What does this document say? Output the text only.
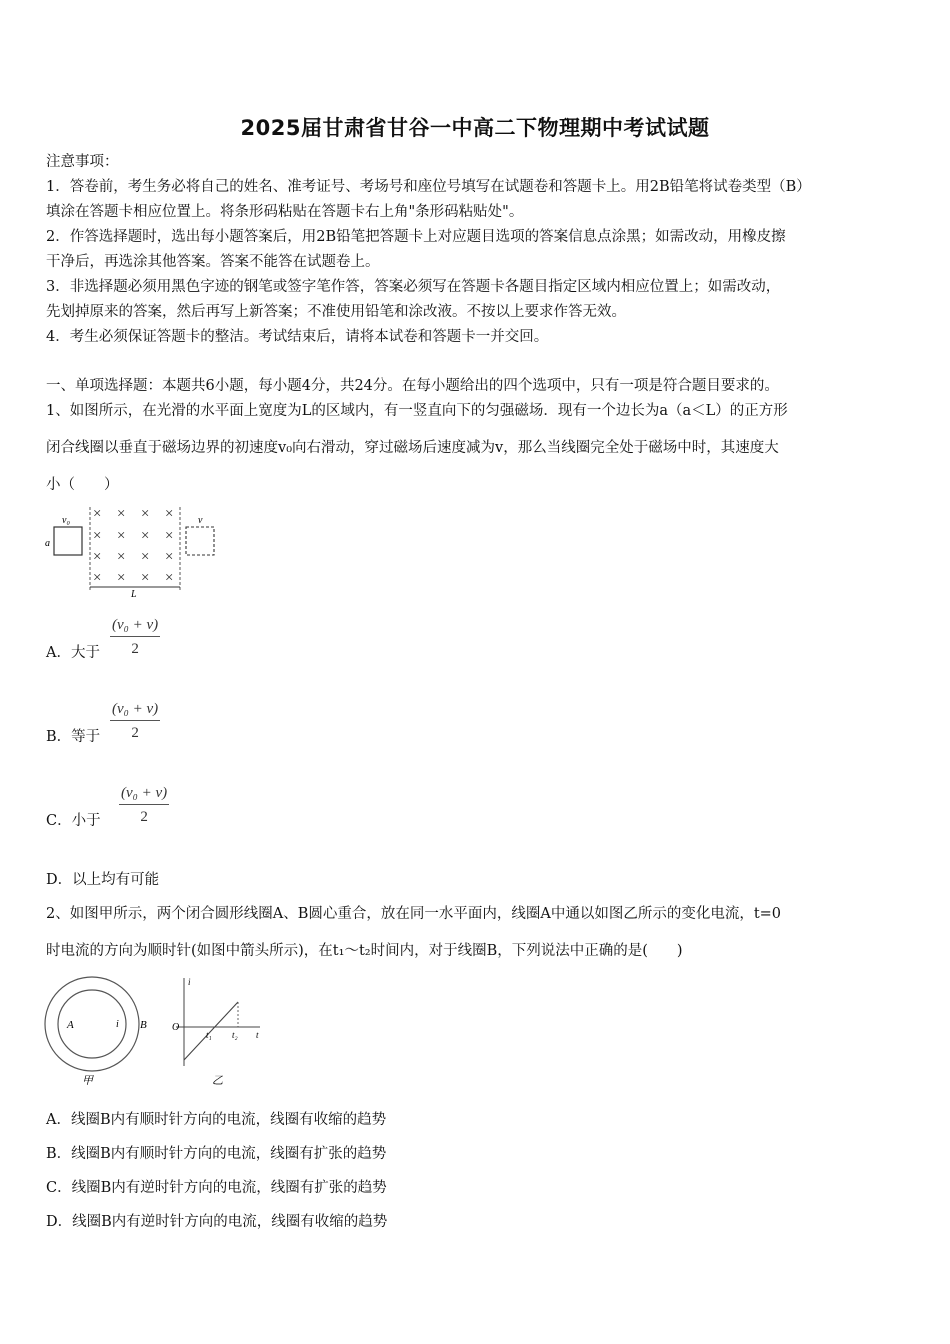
2025届甘肃省甘谷一中高二下物理期中考试试题
注意事项：
1．答卷前，考生务必将自己的姓名、准考证号、考场号和座位号填写在试题卷和答题卡上。用2B铅笔将试卷类型（B）
填涂在答题卡相应位置上。将条形码粘贴在答题卡右上角"条形码粘贴处"。
2．作答选择题时，选出每小题答案后，用2B铅笔把答题卡上对应题目选项的答案信息点涂黑；如需改动，用橡皮擦
干净后，再选涂其他答案。答案不能答在试题卷上。
3．非选择题必须用黑色字迹的钢笔或签字笔作答，答案必须写在答题卡各题目指定区域内相应位置上；如需改动，
先划掉原来的答案，然后再写上新答案；不准使用铅笔和涂改液。不按以上要求作答无效。
4．考生必须保证答题卡的整洁。考试结束后，请将本试卷和答题卡一并交回。
一、单项选择题：本题共6小题，每小题4分，共24分。在每小题给出的四个选项中，只有一项是符合题目要求的。
1、如图所示，在光滑的水平面上宽度为L的区域内，有一竖直向下的匀强磁场．现有一个边长为a（a＜L）的正方形
闭合线圈以垂直于磁场边界的初速度v₀向右滑动，穿过磁场后速度减为v，那么当线圈完全处于磁场中时，其速度大
小（　　）
v₀
a
× × × ×
× × × ×
× × × ×
× × × ×
v
L
A．大于 $\frac{\text{(v₀ + v)}}{2}$
B．等于 $\frac{\text{(v₀ + v)}}{2}$
C．小于 $\frac{\text{(v₀ + v)}}{2}$
D．以上均有可能
2、如图甲所示，两个闭合圆形线圈A、B圆心重合，放在同一水平面内，线圈A中通以如图乙所示的变化电流，t=0
时电流的方向为顺时针(如图中箭头所示)，在t₁～t₂时间内，对于线圈B，下列说法中正确的是(　　)
A	i B
甲
i
t
O
t₁ t₂
乙
A．线圈B内有顺时针方向的电流，线圈有收缩的趋势
B．线圈B内有顺时针方向的电流，线圈有扩张的趋势
C．线圈B内有逆时针方向的电流，线圈有扩张的趋势
D．线圈B内有逆时针方向的电流，线圈有收缩的趋势
